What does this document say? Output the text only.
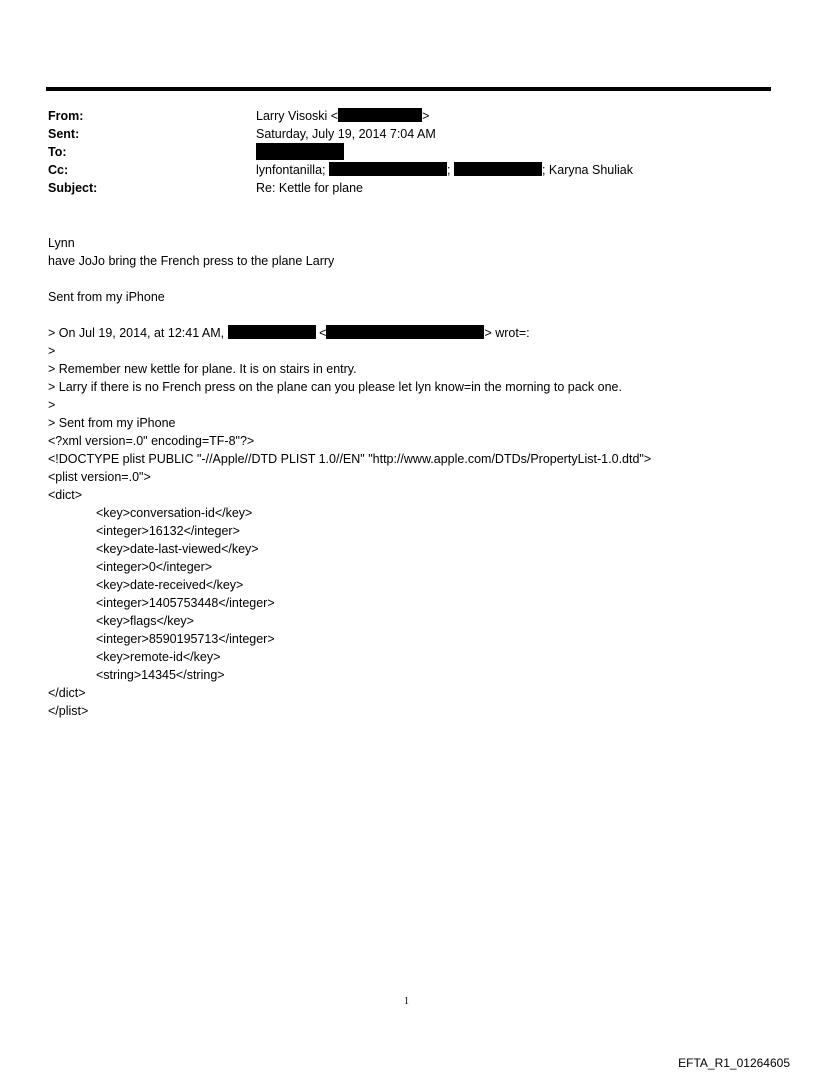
From:	Larry Visoski <	>
Sent:	Saturday, July 19, 2014 7:04 AM
To:
Cc:	lynfontanilla;	;	; Karyna Shuliak
Subject:	Re: Kettle for plane
Lynn
have JoJo bring the French press to the plane Larry
Sent from my iPhone
> On Jul 19, 2014, at 12:41 AM,	<	> wrot=:
>
> Remember new kettle for plane. It is on stairs in entry.
> Larry if there is no French press on the plane can you please let lyn know=in the morning to pack one.
>
> Sent from my iPhone
<?xml version=.0" encoding=TF-8"?>
<!DOCTYPE plist PUBLIC "-//Apple//DTD PLIST 1.0//EN" "http://www.apple.com/DTDs/PropertyList-1.0.dtd">
<plist version=.0">
<dict>
<key>conversation-id</key>
<integer>16132</integer>
<key>date-last-viewed</key>
<integer>0</integer>
<key>date-received</key>
<integer>1405753448</integer>
<key>flags</key>
<integer>8590195713</integer>
<key>remote-id</key>
<string>14345</string>
</dict>
</plist>
1
EFTA_R1_01264605
